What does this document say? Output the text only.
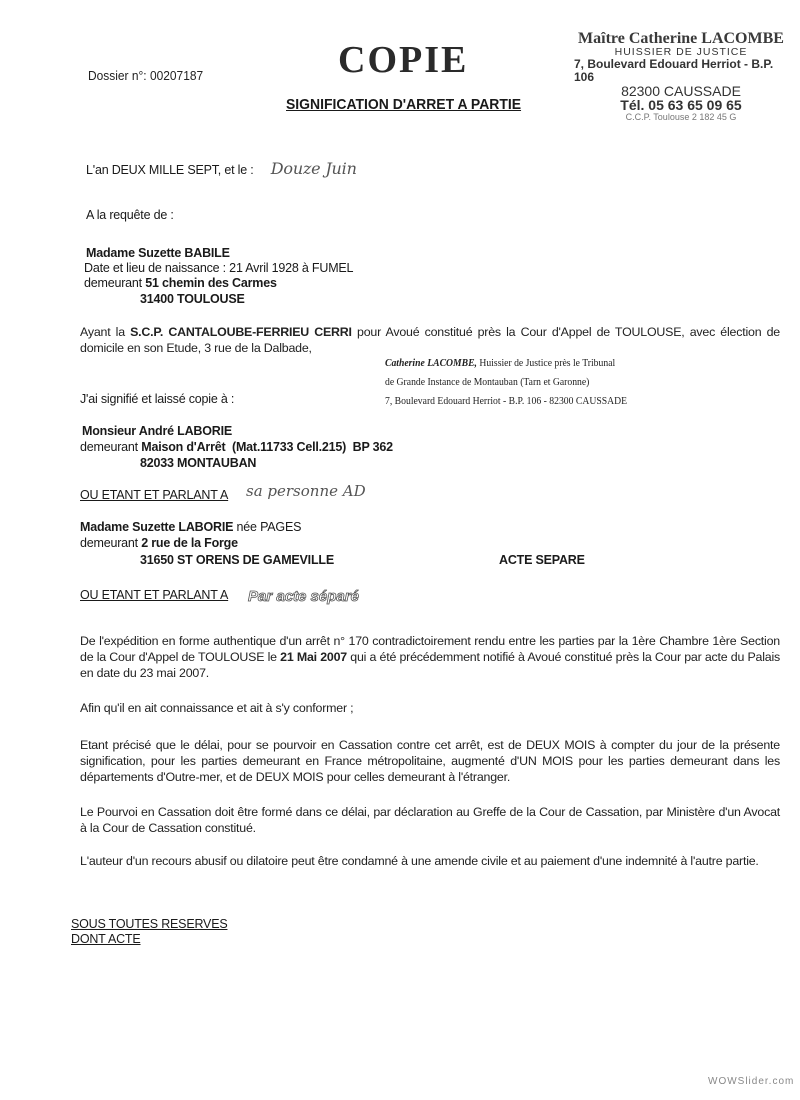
Dossier n°: 00207187	COPIE
SIGNIFICATION D'ARRET A PARTIE
Maître Catherine LACOMBE
HUISSIER DE JUSTICE
7, Boulevard Edouard Herriot - B.P. 106
82300 CAUSSADE
Tél. 05 63 65 09 65
C.C.P. Toulouse 2 182 45 G
L'an DEUX MILLE SEPT, et le : Douze Juin
A la requête de :
Madame Suzette BABILE
Date et lieu de naissance : 21 Avril 1928 à FUMEL
demeurant 51 chemin des Carmes
31400 TOULOUSE
Ayant la S.C.P. CANTALOUBE-FERRIEU CERRI pour Avoué constitué près la Cour d'Appel de TOULOUSE, avec élection de domicile en son Etude, 3 rue de la Dalbade,
Catherine LACOMBE, Huissier de Justice près le Tribunal
de Grande Instance de Montauban (Tarn et Garonne)
7, Boulevard Edouard Herriot - B.P. 106 - 82300 CAUSSADE
J'ai signifié et laissé copie à :
Monsieur André LABORIE
demeurant Maison d'Arrêt  (Mat.11733 Cell.215)  BP 362
82033 MONTAUBAN
OU ETANT ET PARLANT A sa personne AD
Madame Suzette LABORIE née PAGES
demeurant 2 rue de la Forge
31650 ST ORENS DE GAMEVILLE	ACTE SEPARE
OU ETANT ET PARLANT A Par acte séparé
De l'expédition en forme authentique d'un arrêt n° 170 contradictoirement rendu entre les parties par la 1ère Chambre 1ère Section de la Cour d'Appel de TOULOUSE le 21 Mai 2007 qui a été précédemment notifié à Avoué constitué près la Cour par acte du Palais en date du 23 mai 2007.
Afin qu'il en ait connaissance et ait à s'y conformer ;
Etant précisé que le délai, pour se pourvoir en Cassation contre cet arrêt, est de DEUX MOIS à compter du jour de la présente signification, pour les parties demeurant en France métropolitaine, augmenté d'UN MOIS pour les parties demeurant dans les départements d'Outre-mer, et de DEUX MOIS pour celles demeurant à l'étranger.
Le Pourvoi en Cassation doit être formé dans ce délai, par déclaration au Greffe de la Cour de Cassation, par Ministère d'un Avocat à la Cour de Cassation constitué.
L'auteur d'un recours abusif ou dilatoire peut être condamné à une amende civile et au paiement d'une indemnité à l'autre partie.
SOUS TOUTES RESERVES
DONT ACTE
WOWSlider.com
